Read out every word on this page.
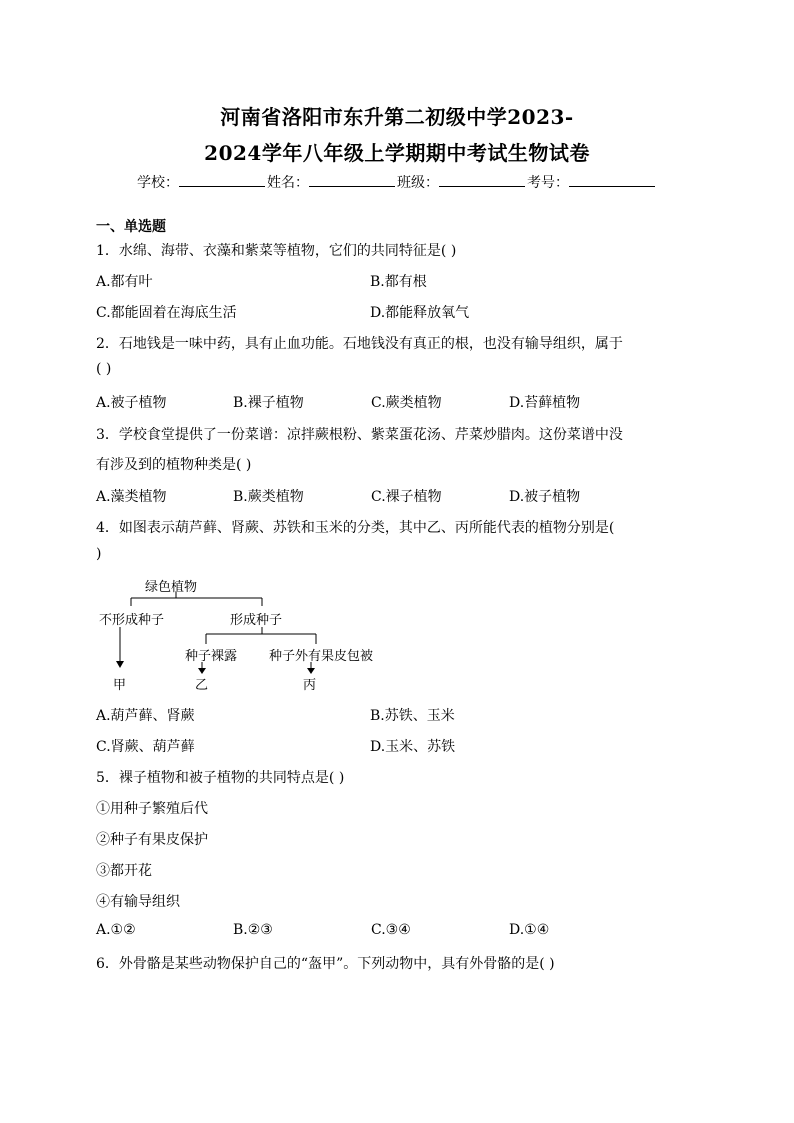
河南省洛阳市东升第二初级中学2023-
2024学年八年级上学期期中考试生物试卷
学校：	姓名：	班级：	考号：
一、单选题
1．水绵、海带、衣藻和紫菜等植物，它们的共同特征是( )
A.都有叶	B.都有根
C.都能固着在海底生活	D.都能释放氧气
2．石地钱是一味中药，具有止血功能。石地钱没有真正的根，也没有输导组织，属于
( )
A.被子植物	B.裸子植物	C.蕨类植物	D.苔藓植物
3．学校食堂提供了一份菜谱：凉拌蕨根粉、紫菜蛋花汤、芹菜炒腊肉。这份菜谱中没
有涉及到的植物种类是( )
A.藻类植物	B.蕨类植物	C.裸子植物	D.被子植物
4．如图表示葫芦藓、肾蕨、苏铁和玉米的分类，其中乙、丙所能代表的植物分别是(
)
绿色植物
不形成种子	形成种子
种子裸露 种子外有果皮包被
甲	乙	丙
A.葫芦藓、肾蕨	B.苏铁、玉米
C.肾蕨、葫芦藓	D.玉米、苏铁
5．裸子植物和被子植物的共同特点是( )
①用种子繁殖后代
②种子有果皮保护
③都开花
④有输导组织
A.①②	B.②③	C.③④	D.①④
6．外骨骼是某些动物保护自己的“盔甲”。下列动物中，具有外骨骼的是( )
